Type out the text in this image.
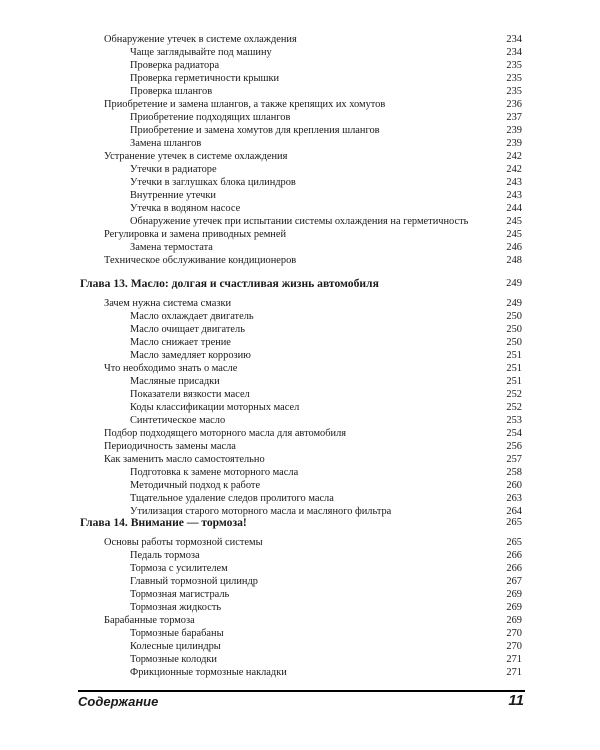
Обнаружение утечек в системе охлаждения	234
Чаще заглядывайте под машину	234
Проверка радиатора	235
Проверка герметичности крышки	235
Проверка шлангов	235
Приобретение и замена шлангов, а также крепящих их хомутов	236
Приобретение подходящих шлангов	237
Приобретение и замена хомутов для крепления шлангов	239
Замена шлангов	239
Устранение утечек в системе охлаждения	242
Утечки в радиаторе	242
Утечки в заглушках блока цилиндров	243
Внутренние утечки	243
Утечка в водяном насосе	244
Обнаружение утечек при испытании системы охлаждения на герметичность	245
Регулировка и замена приводных ремней	245
Замена термостата	246
Техническое обслуживание кондиционеров	248
Глава 13. Масло: долгая и счастливая жизнь автомобиля	249
Зачем нужна система смазки	249
Масло охлаждает двигатель	250
Масло очищает двигатель	250
Масло снижает трение	250
Масло замедляет коррозию	251
Что необходимо знать о масле	251
Масляные присадки	251
Показатели вязкости масел	252
Коды классификации моторных масел	252
Синтетическое масло	253
Подбор подходящего моторного масла для автомобиля	254
Периодичность замены масла	256
Как заменить масло самостоятельно	257
Подготовка к замене моторного масла	258
Методичный подход к работе	260
Тщательное удаление следов пролитого масла	263
Утилизация старого моторного масла и масляного фильтра	264
Глава 14. Внимание — тормоза!	265
Основы работы тормозной системы	265
Педаль тормоза	266
Тормоза с усилителем	266
Главный тормозной цилиндр	267
Тормозная магистраль	269
Тормозная жидкость	269
Барабанные тормоза	269
Тормозные барабаны	270
Колесные цилиндры	270
Тормозные колодки	271
Фрикционные тормозные накладки	271
Содержание	11
